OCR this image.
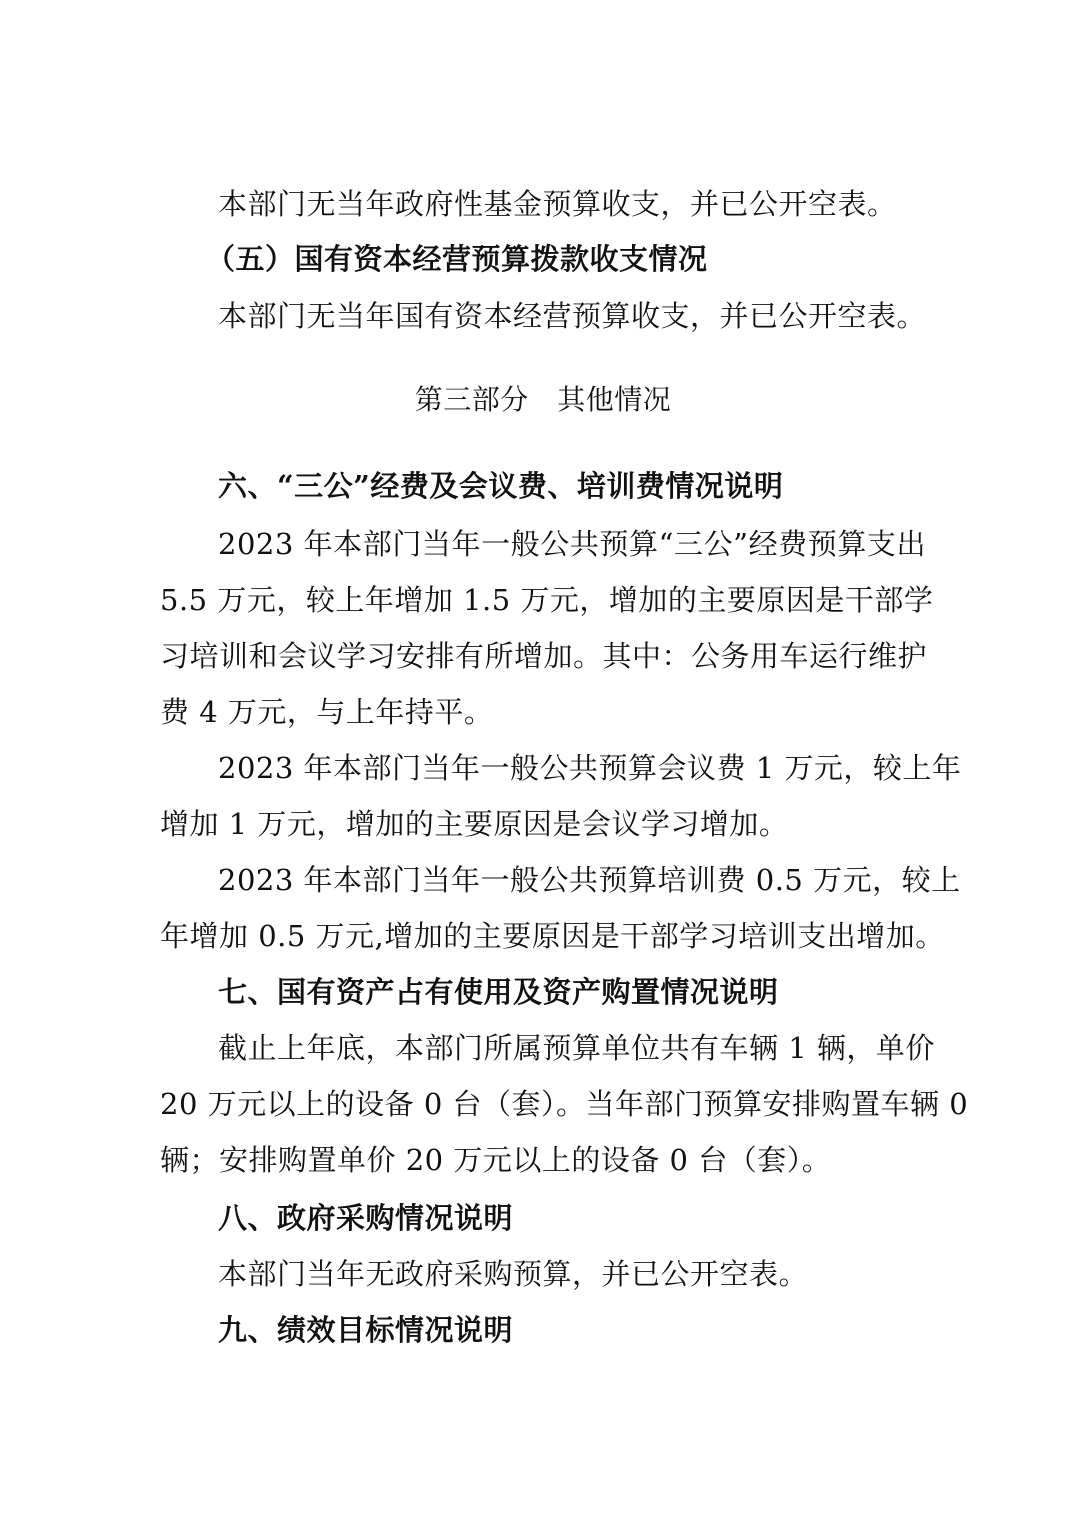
本部门无当年政府性基金预算收支，并已公开空表。
（五）国有资本经营预算拨款收支情况
本部门无当年国有资本经营预算收支，并已公开空表。
第三部分　其他情况
六、“三公”经费及会议费、培训费情况说明
2023 年本部门当年一般公共预算“三公”经费预算支出
5.5 万元，较上年增加 1.5 万元，增加的主要原因是干部学
习培训和会议学习安排有所增加。其中：公务用车运行维护
费 4 万元，与上年持平。
2023 年本部门当年一般公共预算会议费 1 万元，较上年
增加 1 万元，增加的主要原因是会议学习增加。
2023 年本部门当年一般公共预算培训费 0.5 万元，较上
年增加 0.5 万元,增加的主要原因是干部学习培训支出增加。
七、国有资产占有使用及资产购置情况说明
截止上年底，本部门所属预算单位共有车辆 1 辆，单价
20 万元以上的设备 0 台（套）。当年部门预算安排购置车辆 0
辆；安排购置单价 20 万元以上的设备 0 台（套）。
八、政府采购情况说明
本部门当年无政府采购预算，并已公开空表。
九、绩效目标情况说明
